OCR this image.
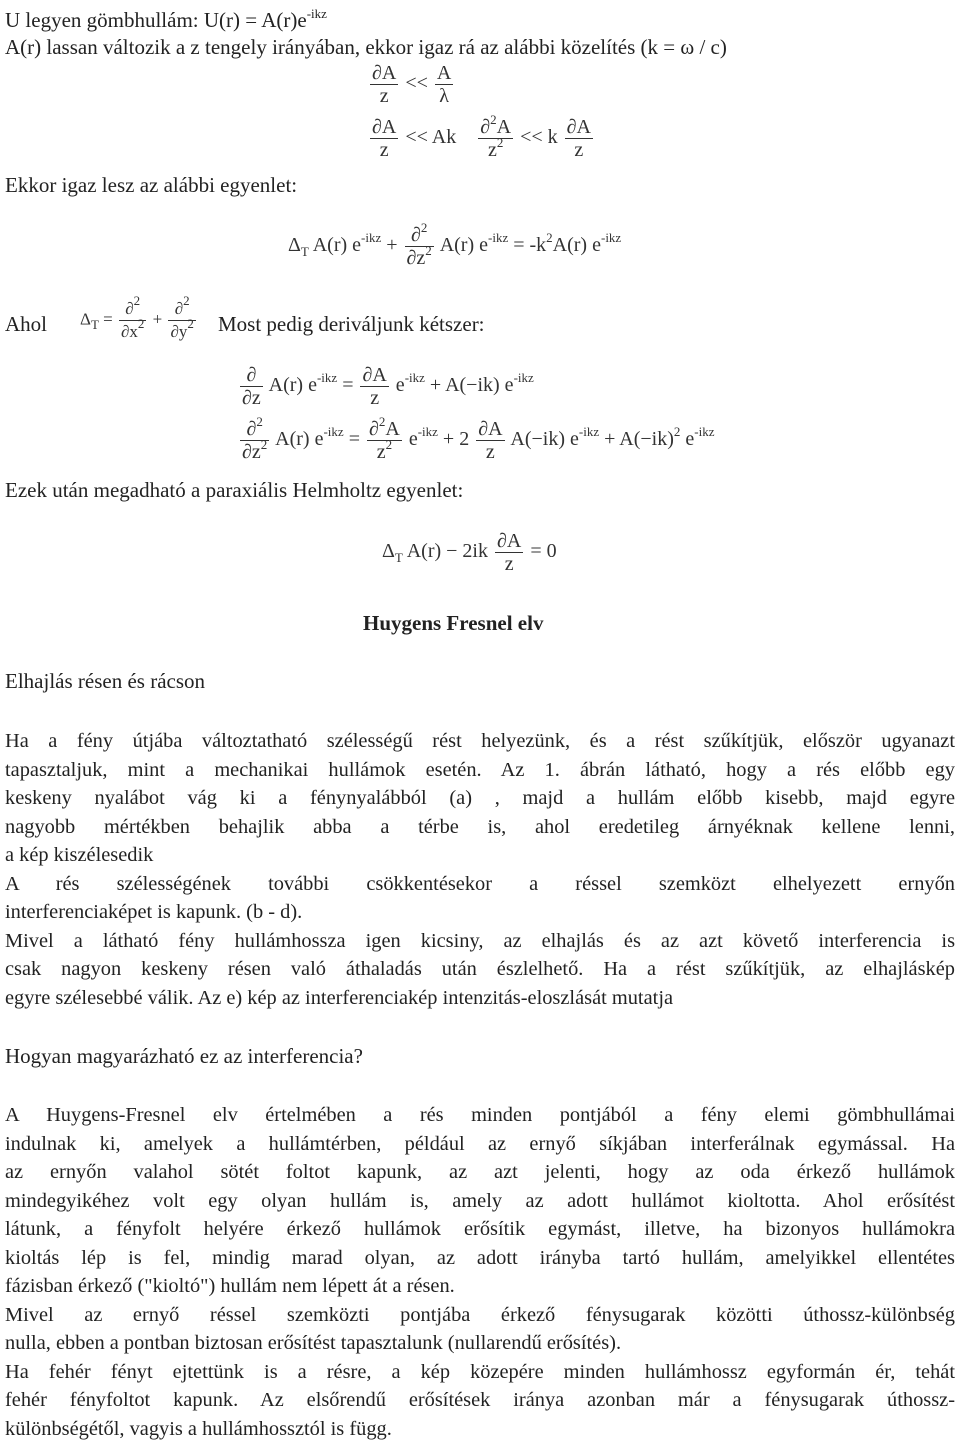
U legyen gömbhullám: $U(r) = A(r)e^{-ikz}$
A(r) lassan változik a z tengely irányában, ekkor igaz rá az alábbi közelítés (k = ω / c)
$\frac{\partial A}{z} << \frac{A}{\lambda}$
$\frac{\partial A}{z} << Ak \frac{\partial^2A}{z^2} << k \frac{\partial A}{z}$
Ekkor igaz lesz az alábbi egyenlet:
$\Delta_T$ A(r) $e^{-ikz} + \frac{\partial^2}{\partial z^2} A(r) e^{-ikz} = -k^2A(r)$ $e^{-ikz}$
Ahol $\Delta_T = \frac{\partial^2}{\partial x^2} + \frac{\partial^2}{\partial y^2}$ Most pedig deriváljunk kétszer:
$\frac{\partial}{\partial z} A(r) e^{-ikz} = \frac{\partial A}{z} e^{-ikz} + A(-ik)$ $e^{-ikz}$
$\frac{\partial^2}{\partial z^2} A(r) e^{-ikz} = \frac{\partial^2A}{z^2} e^{-ikz} + 2 \frac{\partial A}{z} A(-ik) e^{-ikz} + A(-ik)^2$ $e^{-ikz}$
Ezek után megadható a paraxiális Helmholtz egyenlet:
$\Delta_T$ $A(r) - 2ik \frac{\partial A}{z} = 0$
Huygens Fresnel elv
Elhajlás résen és rácson
Ha a fény útjába változtatható szélességű rést helyezünk, és a rést szűkítjük, először ugyanazt
tapasztaljuk, mint a mechanikai hullámok esetén. Az 1. ábrán látható, hogy a rés előbb egy
keskeny nyalábot vág ki a fénynyalábból (a) , majd a hullám előbb kisebb, majd egyre
nagyobb mértékben behajlik abba a térbe is, ahol eredetileg árnyéknak kellene lenni,
a kép kiszélesedik
A rés szélességének további csökkentésekor a réssel szemközt elhelyezett ernyőn
interferenciaképet is kapunk. (b - d).
Mivel a látható fény hullámhossza igen kicsiny, az elhajlás és az azt követő interferencia is
csak nagyon keskeny résen való áthaladás után észlelhető. Ha a rést szűkítjük, az elhajláskép
egyre szélesebbé válik. Az e) kép az interferenciakép intenzitás-eloszlását mutatja
Hogyan magyarázható ez az interferencia?
A Huygens-Fresnel elv értelmében a rés minden pontjából a fény elemi gömbhullámai
indulnak ki, amelyek a hullámtérben, például az ernyő síkjában interferálnak egymással. Ha
az ernyőn valahol sötét foltot kapunk, az azt jelenti, hogy az oda érkező hullámok
mindegyikéhez volt egy olyan hullám is, amely az adott hullámot kioltotta. Ahol erősítést
látunk, a fényfolt helyére érkező hullámok erősítik egymást, illetve, ha bizonyos hullámokra
kioltás lép is fel, mindig marad olyan, az adott irányba tartó hullám, amelyikkel ellentétes
fázisban érkező ("kioltó") hullám nem lépett át a résen.
Mivel az ernyő réssel szemközti pontjába érkező fénysugarak közötti úthossz-különbség
nulla, ebben a pontban biztosan erősítést tapasztalunk (nullarendű erősítés).
Ha fehér fényt ejtettünk is a résre, a kép közepére minden hullámhossz egyformán ér, tehát
fehér fényfoltot kapunk. Az elsőrendű erősítések iránya azonban már a fénysugarak úthossz-
különbségétől, vagyis a hullámhossztól is függ.
